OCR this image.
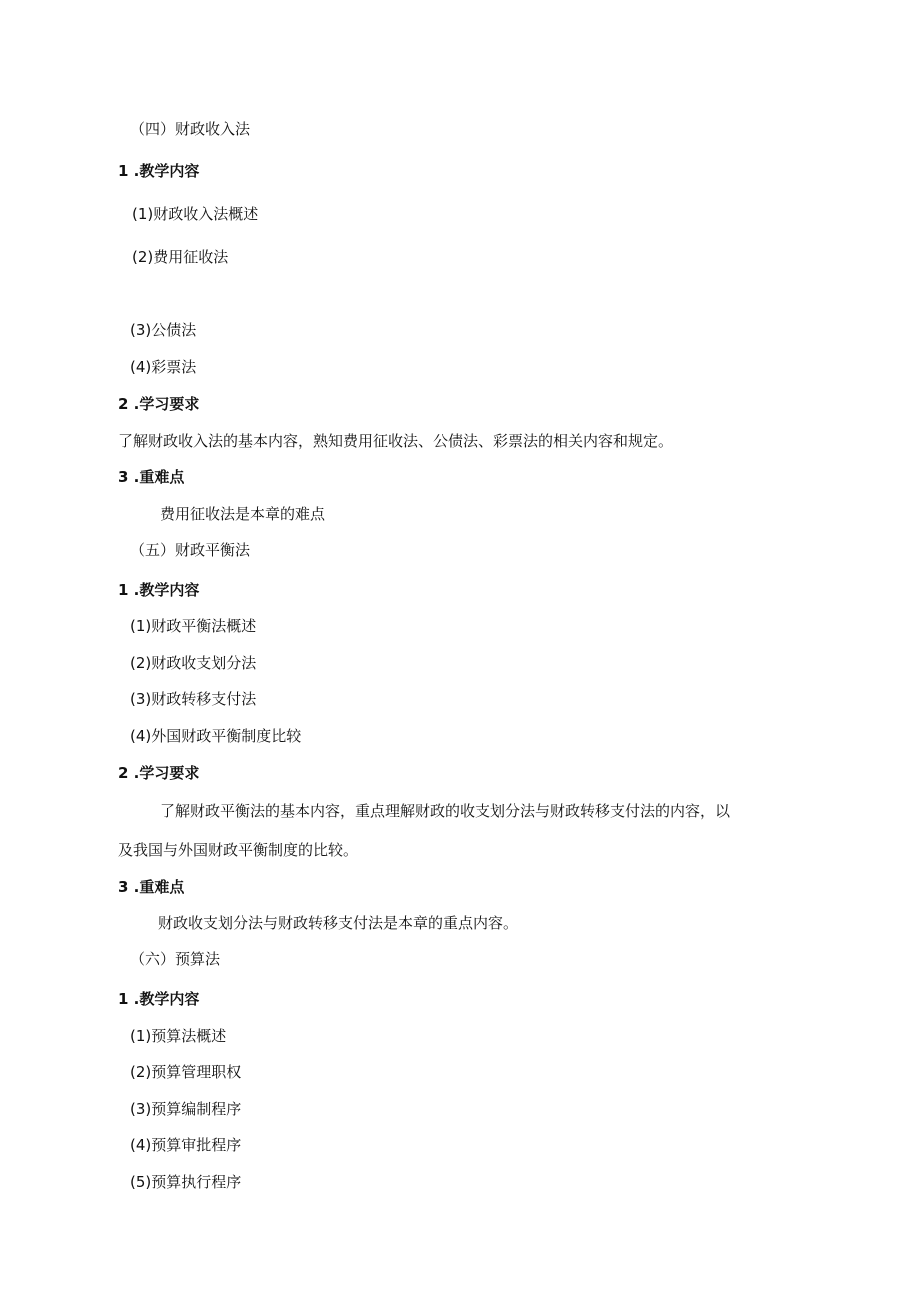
（四）财政收入法
1 .教学内容
(1)财政收入法概述
(2)费用征收法
(3)公债法
(4)彩票法
2 .学习要求
了解财政收入法的基本内容，熟知费用征收法、公债法、彩票法的相关内容和规定。
3 .重难点
费用征收法是本章的难点
（五）财政平衡法
1 .教学内容
(1)财政平衡法概述
(2)财政收支划分法
(3)财政转移支付法
(4)外国财政平衡制度比较
2 .学习要求
了解财政平衡法的基本内容，重点理解财政的收支划分法与财政转移支付法的内容，以
及我国与外国财政平衡制度的比较。
3 .重难点
财政收支划分法与财政转移支付法是本章的重点内容。
（六）预算法
1 .教学内容
(1)预算法概述
(2)预算管理职权
(3)预算编制程序
(4)预算审批程序
(5)预算执行程序
